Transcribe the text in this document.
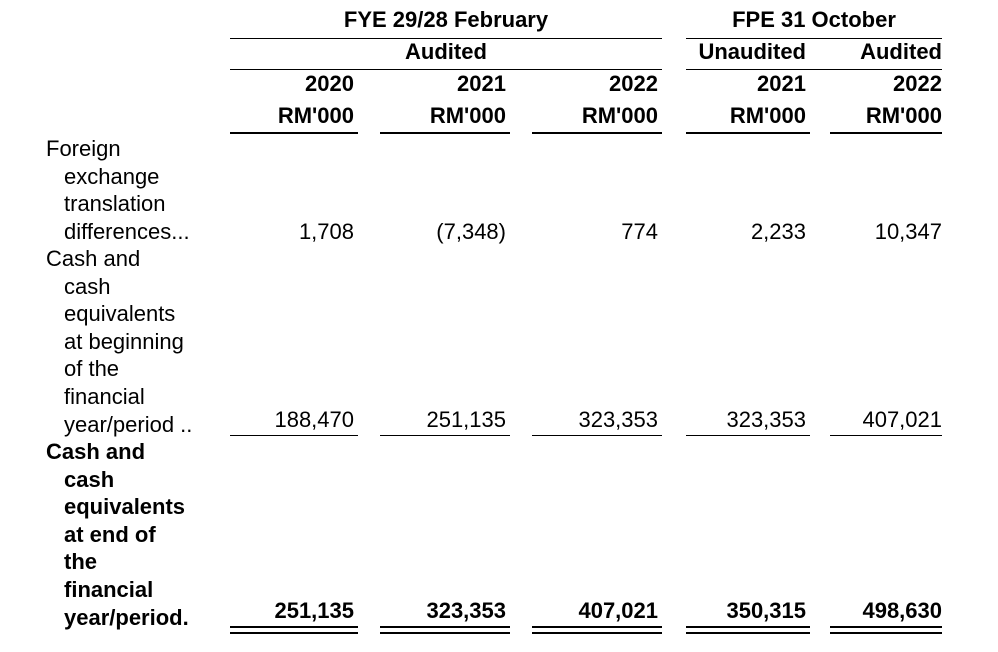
FYE 29/28 February	FPE 31 October
Audited	Unaudited	Audited
2020	2021	2022	2021	2022
RM'000	RM'000	RM'000	RM'000	RM'000
Foreign
exchange
translation
differences...	1,708	(7,348)	774	2,233	10,347
Cash and
cash
equivalents
at beginning
of the
financial
year/period ..	188,470	251,135	323,353	323,353	407,021
Cash and
cash
equivalents
at end of
the
financial
year/period.	251,135	323,353	407,021	350,315	498,630
